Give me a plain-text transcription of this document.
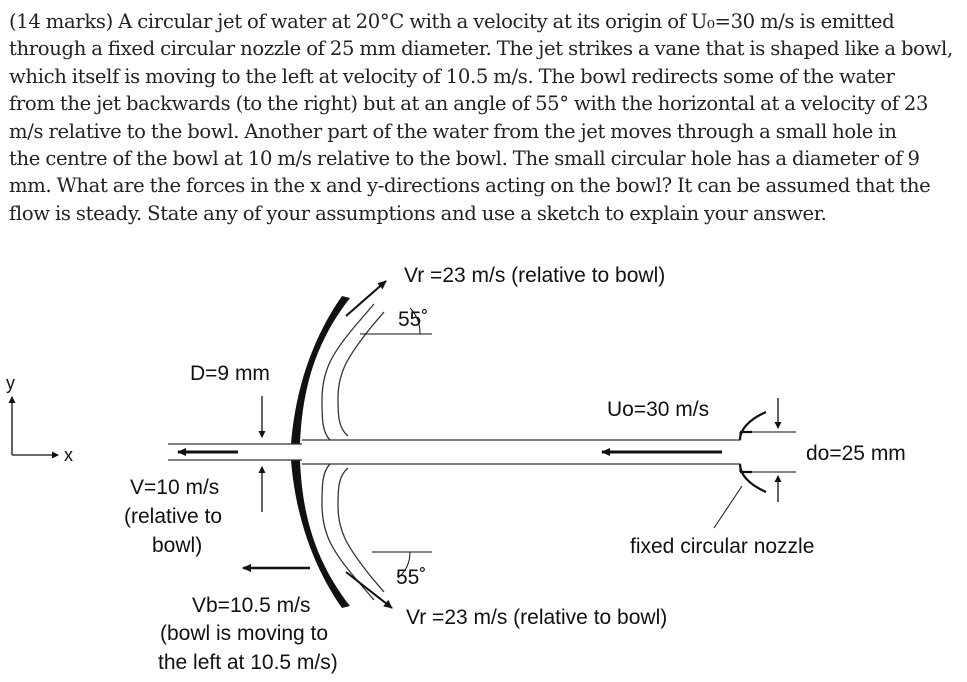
(14 marks) A circular jet of water at 20°C with a velocity at its origin of U₀=30 m/s is emitted
through a fixed circular nozzle of 25 mm diameter. The jet strikes a vane that is shaped like a bowl,
which itself is moving to the left at velocity of 10.5 m/s. The bowl redirects some of the water
from the jet backwards (to the right) but at an angle of 55° with the horizontal at a velocity of 23
m/s relative to the bowl. Another part of the water from the jet moves through a small hole in
the centre of the bowl at 10 m/s relative to the bowl. The small circular hole has a diameter of 9
mm. What are the forces in the x and y-directions acting on the bowl? It can be assumed that the
flow is steady. State any of your assumptions and use a sketch to explain your answer.
y
x
Vr =23 m/s (relative to bowl)
55˚
D=9 mm
Uo=30 m/s
do=25 mm
V=10 m/s
(relative to
bowl)	fixed circular nozzle
55˚
Vb=10.5 m/s
(bowl is moving to
the left at 10.5 m/s)
Vr =23 m/s (relative to bowl)
